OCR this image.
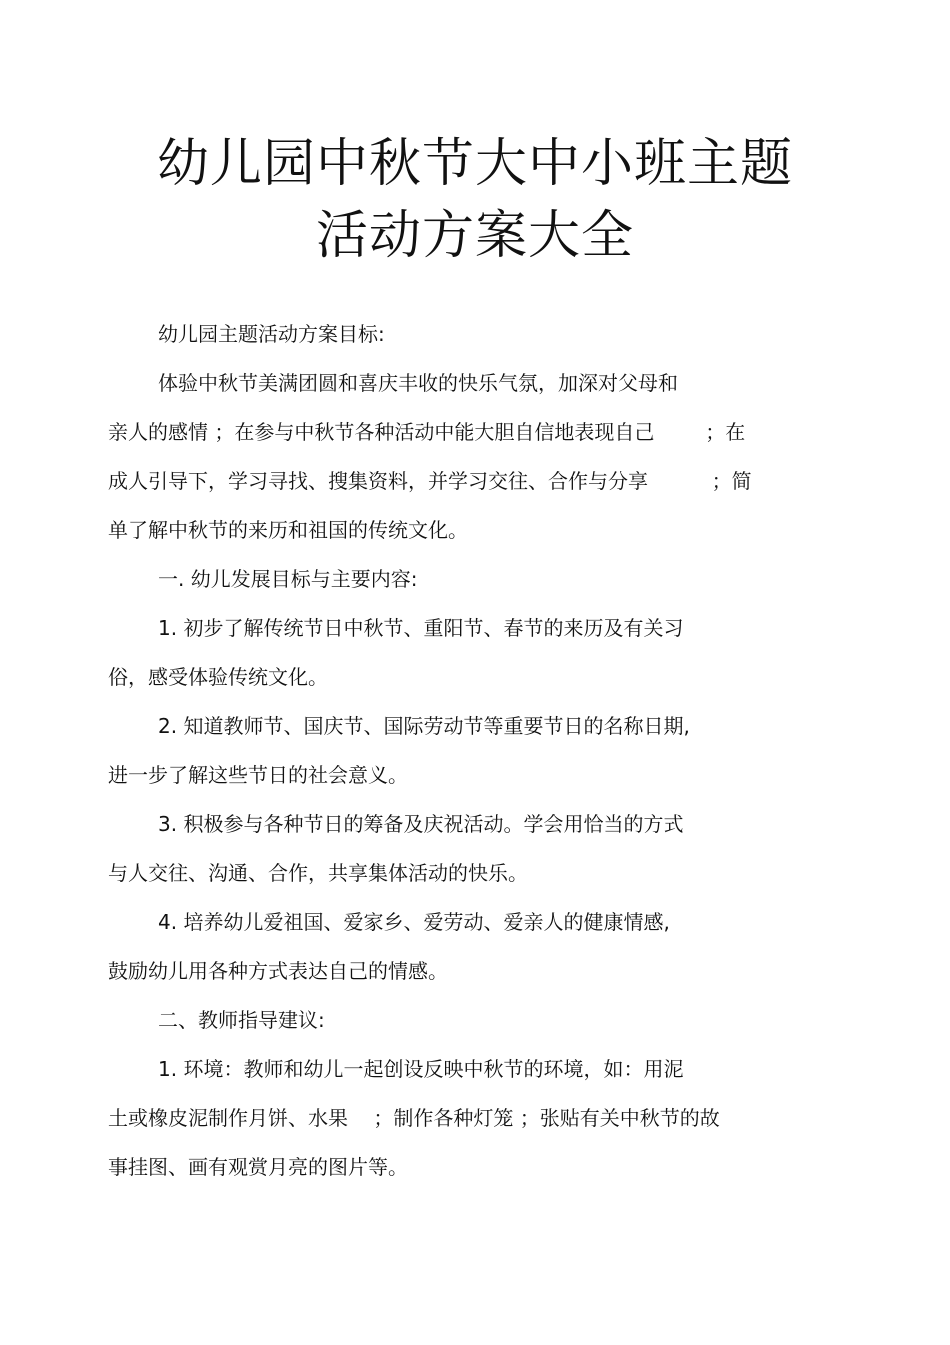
幼儿园中秋节大中小班主题
活动方案大全
幼儿园主题活动方案目标:
体验中秋节美满团圆和喜庆丰收的快乐气氛，加深对父母和
亲人的感情 ；在参与中秋节各种活动中能大胆自信地表现自己        ；在
成人引导下，学习寻找、搜集资料，并学习交往、合作与分享          ；简
单了解中秋节的来历和祖国的传统文化。
一. 幼儿发展目标与主要内容:
1. 初步了解传统节日中秋节、重阳节、春节的来历及有关习
俗，感受体验传统文化。
2. 知道教师节、国庆节、国际劳动节等重要节日的名称日期,
进一步了解这些节日的社会意义。
3. 积极参与各种节日的筹备及庆祝活动。学会用恰当的方式
与人交往、沟通、合作，共享集体活动的快乐。
4. 培养幼儿爱祖国、爱家乡、爱劳动、爱亲人的健康情感,
鼓励幼儿用各种方式表达自己的情感。
二、教师指导建议:
1. 环境：教师和幼儿一起创设反映中秋节的环境，如：用泥
土或橡皮泥制作月饼、水果    ；制作各种灯笼 ；张贴有关中秋节的故
事挂图、画有观赏月亮的图片等。
